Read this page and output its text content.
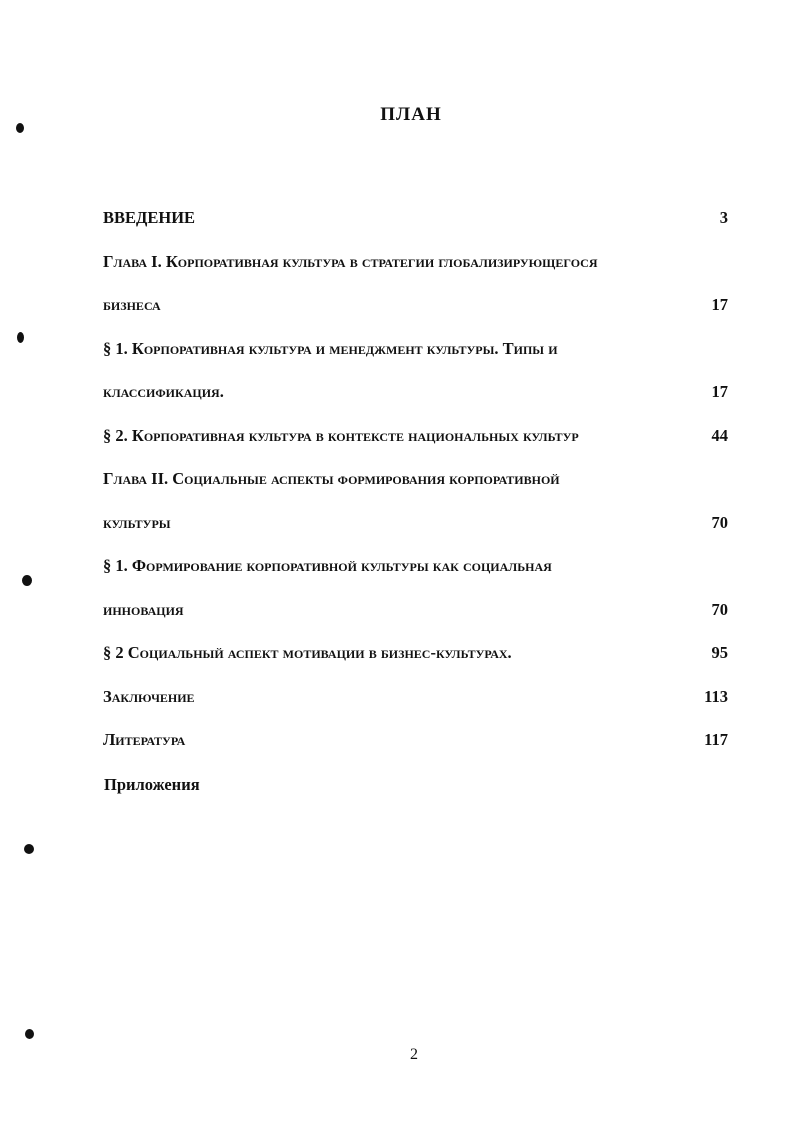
ПЛАН
ВВЕДЕНИЕ	3
Глава I. Корпоративная культура в стратегии глобализирующегося
бизнеса	17
§ 1. Корпоративная культура и менеджмент культуры. Типы и
классификация.	17
§ 2. Корпоративная культура в контексте национальных культур	44
Глава II. Социальные аспекты формирования корпоративной
культуры	70
§ 1. Формирование корпоративной культуры как социальная
инновация	70
§ 2 Социальный аспект мотивации в бизнес-культурах.	95
Заключение	113
Литература	117
Приложения
2
